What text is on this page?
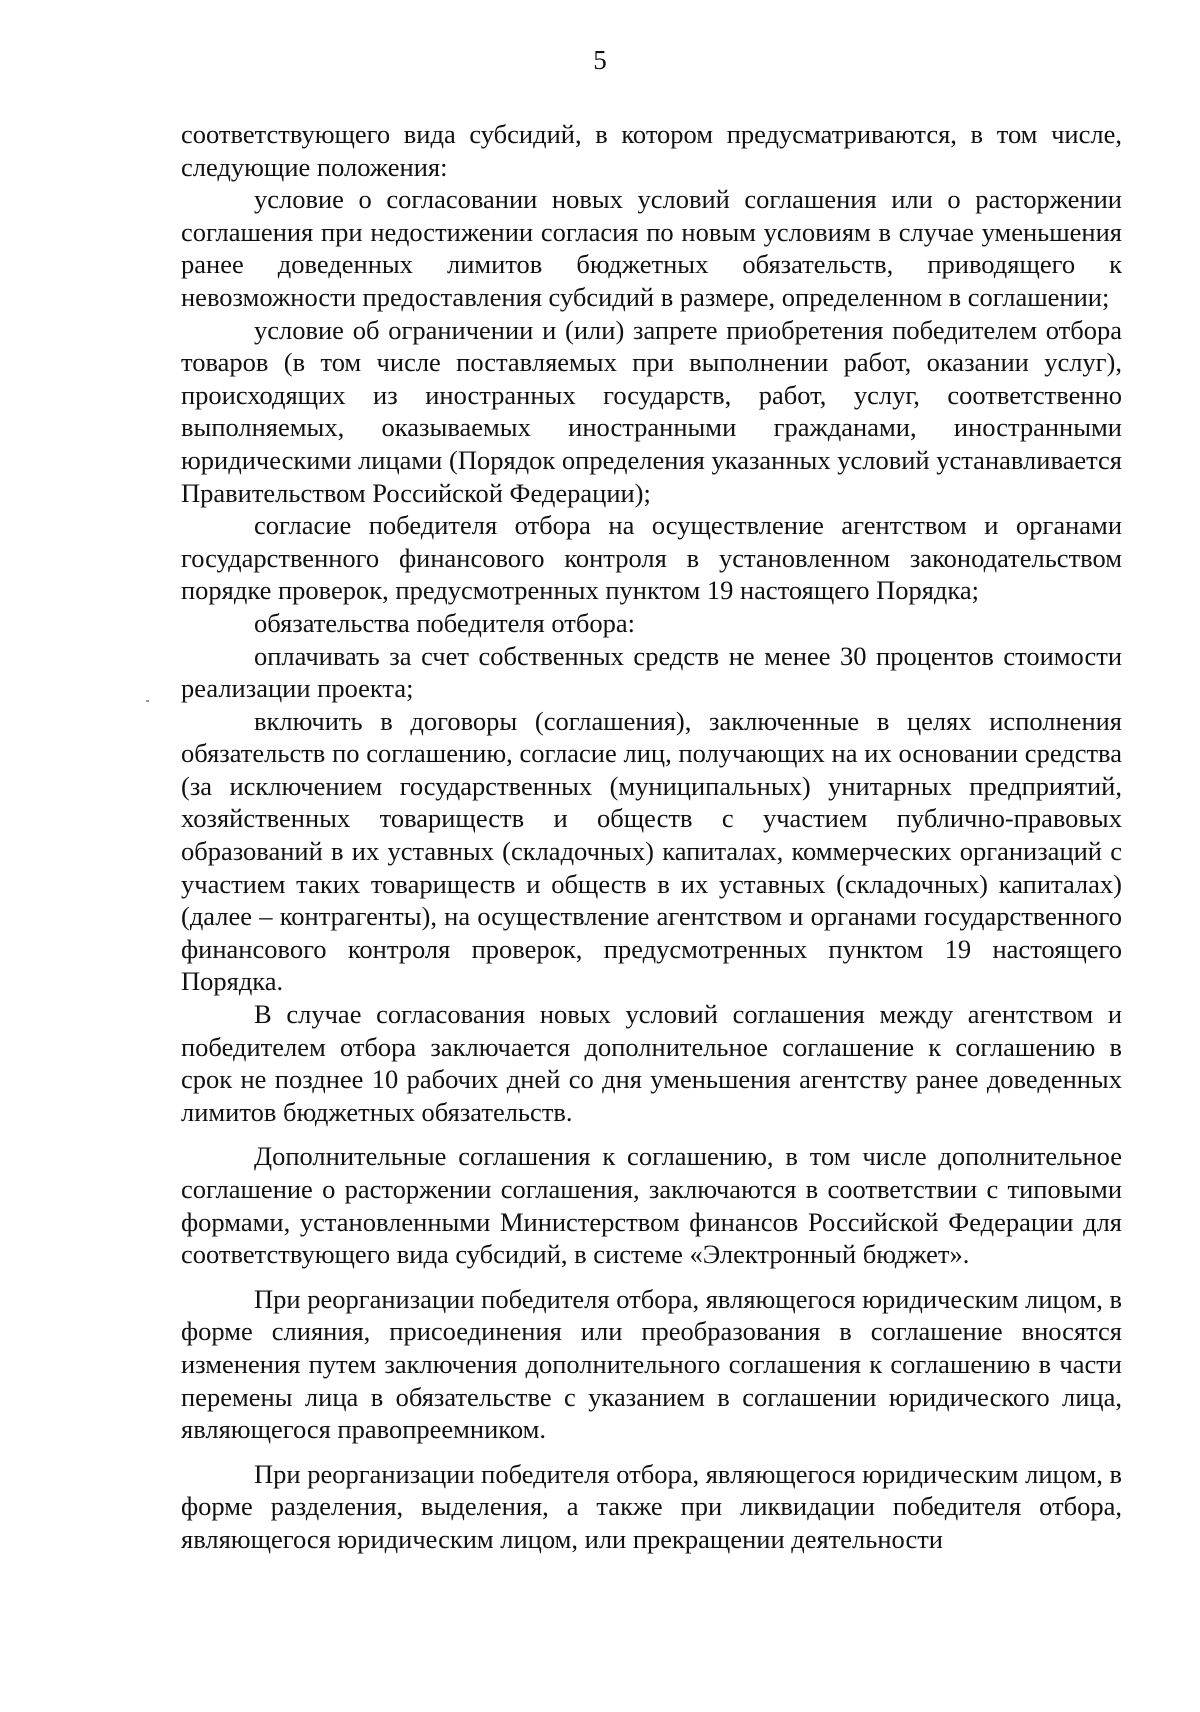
5

соответствующего вида субсидий, в котором предусматриваются, в том числе, следующие положения:

условие о согласовании новых условий соглашения или о расторжении соглашения при недостижении согласия по новым условиям в случае уменьшения ранее доведенных лимитов бюджетных обязательств, приводящего к невозможности предоставления субсидий в размере, определенном в соглашении;

условие об ограничении и (или) запрете приобретения победителем отбора товаров (в том числе поставляемых при выполнении работ, оказании услуг), происходящих из иностранных государств, работ, услуг, соответственно выполняемых, оказываемых иностранными гражданами, иностранными юридическими лицами (Порядок определения указанных условий устанавливается Правительством Российской Федерации);

согласие победителя отбора на осуществление агентством и органами государственного финансового контроля в установленном законодательством порядке проверок, предусмотренных пунктом 19 настоящего Порядка;

обязательства победителя отбора:

оплачивать за счет собственных средств не менее 30 процентов стоимости реализации проекта;

включить в договоры (соглашения), заключенные в целях исполнения обязательств по соглашению, согласие лиц, получающих на их основании средства (за исключением государственных (муниципальных) унитарных предприятий, хозяйственных товариществ и обществ с участием публично-правовых образований в их уставных (складочных) капиталах, коммерческих организаций с участием таких товариществ и обществ в их уставных (складочных) капиталах) (далее – контрагенты), на осуществление агентством и органами государственного финансового контроля проверок, предусмотренных пунктом 19 настоящего Порядка.

В случае согласования новых условий соглашения между агентством и победителем отбора заключается дополнительное соглашение к соглашению в срок не позднее 10 рабочих дней со дня уменьшения агентству ранее доведенных лимитов бюджетных обязательств.

Дополнительные соглашения к соглашению, в том числе дополнительное соглашение о расторжении соглашения, заключаются в соответствии с типовыми формами, установленными Министерством финансов Российской Федерации для соответствующего вида субсидий, в системе «Электронный бюджет».

При реорганизации победителя отбора, являющегося юридическим лицом, в форме слияния, присоединения или преобразования в соглашение вносятся изменения путем заключения дополнительного соглашения к соглашению в части перемены лица в обязательстве с указанием в соглашении юридического лица, являющегося правопреемником.

При реорганизации победителя отбора, являющегося юридическим лицом, в форме разделения, выделения, а также при ликвидации победителя отбора, являющегося юридическим лицом, или прекращении деятельности
